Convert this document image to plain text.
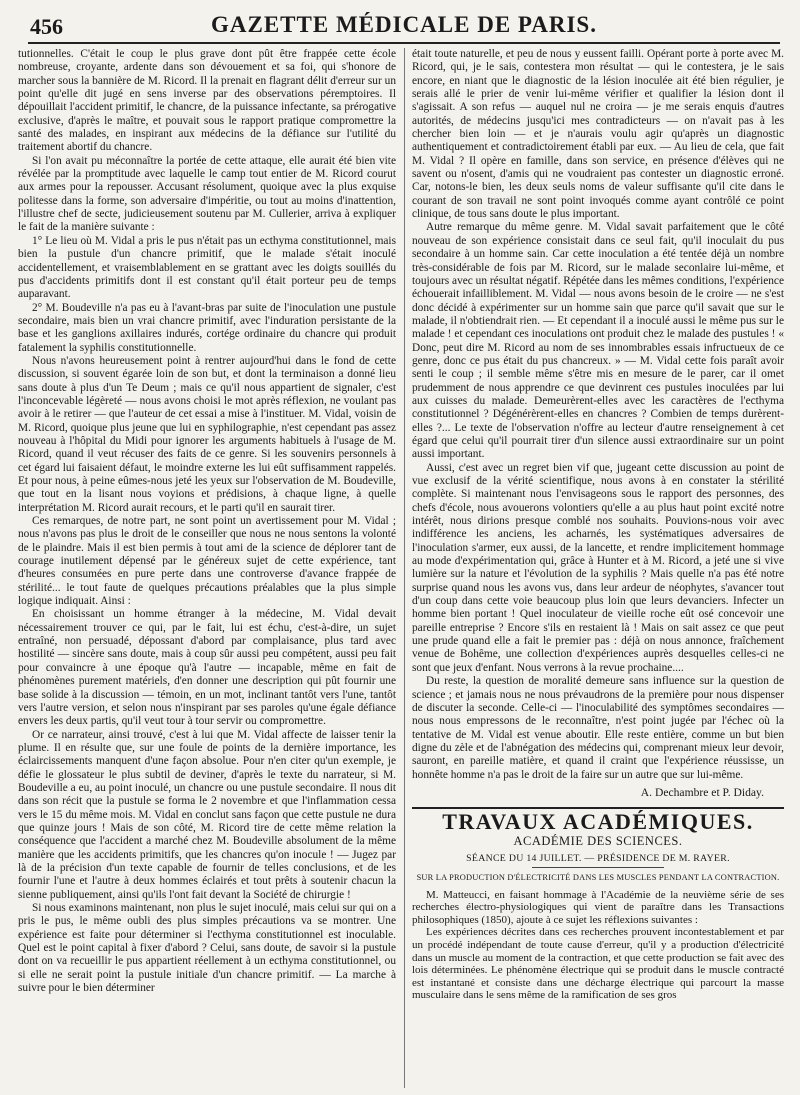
456	GAZETTE MÉDICALE DE PARIS.

tutionnelles. C'était le coup le plus grave dont pût être frappée cette école nombreuse, croyante, ardente dans son dévouement et sa foi, qui s'honore de marcher sous la bannière de M. Ricord. Il la prenait en flagrant délit d'erreur sur un point qu'elle dit jugé en sens inverse par des observations péremptoires. Il dépouillait l'accident primitif, le chancre, de la puissance infectante, sa prérogative exclusive, d'après le maître, et pouvait sous le rapport pratique compromettre la santé des malades, en inspirant aux médecins de la défiance sur l'utilité du traitement abortif du chancre.

Si l'on avait pu méconnaître la portée de cette attaque, elle aurait été bien vite révélée par la promptitude avec laquelle le camp tout entier de M. Ricord courut aux armes pour la repousser. Accusant résolument, quoique avec la plus exquise politesse dans la forme, son adversaire d'impéritie, ou tout au moins d'inattention, l'illustre chef de secte, judicieusement soutenu par M. Cullerier, arriva à expliquer le fait de la manière suivante :

1° Le lieu où M. Vidal a pris le pus n'était pas un ecthyma constitutionnel, mais bien la pustule d'un chancre primitif, que le malade s'était inoculé accidentellement, et vraisemblablement en se grattant avec les doigts souillés du pus d'accidents primitifs dont il est constant qu'il était porteur peu de temps auparavant.

2° M. Boudeville n'a pas eu à l'avant-bras par suite de l'inoculation une pustule secondaire, mais bien un vrai chancre primitif, avec l'induration persistante de la base et les ganglions axillaires indurés, cortége ordinaire du chancre qui produit fatalement la syphilis constitutionnelle.

Nous n'avons heureusement point à rentrer aujourd'hui dans le fond de cette discussion, si souvent égarée loin de son but, et dont la terminaison a donné lieu sans doute à plus d'un Te Deum ; mais ce qu'il nous appartient de signaler, c'est l'inconcevable légèreté — nous avons choisi le mot après réflexion, ne voulant pas avoir à le retirer — que l'auteur de cet essai a mise à l'instituer. M. Vidal, voisin de M. Ricord, quoique plus jeune que lui en syphilographie, n'est cependant pas assez nouveau à l'hôpital du Midi pour ignorer les arguments habituels à l'usage de M. Ricord, quand il veut récuser des faits de ce genre. Si les souvenirs personnels à cet égard lui faisaient défaut, le moindre externe les lui eût suffisamment rappelés. Et pour nous, à peine eûmes-nous jeté les yeux sur l'observation de M. Boudeville, que tout en la lisant nous voyions et prédisions, à chaque ligne, à quelle interprétation M. Ricord aurait recours, et le parti qu'il en saurait tirer.

Ces remarques, de notre part, ne sont point un avertissement pour M. Vidal ; nous n'avons pas plus le droit de le conseiller que nous ne nous sentons la volonté de le plaindre. Mais il est bien permis à tout ami de la science de déplorer tant de courage inutilement dépensé par le généreux sujet de cette expérience, tant d'heures consumées en pure perte dans une controverse d'avance frappée de stérilité... le tout faute de quelques précautions préalables que la plus simple logique indiquait. Ainsi :

En choisissant un homme étranger à la médecine, M. Vidal devait nécessairement trouver ce qui, par le fait, lui est échu, c'est-à-dire, un sujet entraîné, non persuadé, dépossant d'abord par complaisance, plus tard avec hostilité — sincère sans doute, mais à coup sûr aussi peu compétent, aussi peu fait pour convaincre à une époque qu'à l'autre — incapable, même en fait de phénomènes purement matériels, d'en donner une description qui pût fournir une base solide à la discussion — témoin, en un mot, inclinant tantôt vers l'une, tantôt vers l'autre version, et selon nous n'inspirant par ses paroles qu'une égale défiance envers les deux partis, qu'il veut tour à tour servir ou compromettre.

Or ce narrateur, ainsi trouvé, c'est à lui que M. Vidal affecte de laisser tenir la plume. Il en résulte que, sur une foule de points de la dernière importance, les éclaircissements manquent d'une façon absolue. Pour n'en citer qu'un exemple, je défie le glossateur le plus subtil de deviner, d'après le texte du narrateur, si M. Boudeville a eu, au point inoculé, un chancre ou une pustule secondaire. Il nous dit dans son récit que la pustule se forma le 2 novembre et que l'inflammation cessa vers le 15 du même mois. M. Vidal en conclut sans façon que cette pustule ne dura que quinze jours ! Mais de son côté, M. Ricord tire de cette même relation la conséquence que l'accident a marché chez M. Boudeville absolument de la même manière que les accidents primitifs, que les chancres qu'on inocule ! — Jugez par là de la précision d'un texte capable de fournir de telles conclusions, et de les fournir l'une et l'autre à deux hommes éclairés et tout prêts à soutenir chacun la sienne publiquement, ainsi qu'ils l'ont fait devant la Société de chirurgie !

Si nous examinons maintenant, non plus le sujet inoculé, mais celui sur qui on a pris le pus, le même oubli des plus simples précautions va se montrer. Une expérience est faite pour déterminer si l'ecthyma constitutionnel est inoculable. Quel est le point capital à fixer d'abord ? Celui, sans doute, de savoir si la pustule dont on va recueillir le pus appartient réellement à un ecthyma constitutionnel, ou si elle ne serait point la pustule initiale d'un chancre primitif. — La marche à suivre pour le bien déterminer

était toute naturelle, et peu de nous y eussent failli. Opérant porte à porte avec M. Ricord, qui, je le sais, contestera mon résultat — qui le contestera, je le sais encore, en niant que le diagnostic de la lésion inoculée ait été bien régulier, je serais allé le prier de venir lui-même vérifier et qualifier la lésion dont il s'agissait. A son refus — auquel nul ne croira — je me serais enquis d'autres autorités, de médecins jusqu'ici mes contradicteurs — on n'avait pas à les chercher bien loin — et je n'aurais voulu agir qu'après un diagnostic authentiquement et contradictoirement établi par eux. — Au lieu de cela, que fait M. Vidal ? Il opère en famille, dans son service, en présence d'élèves qui ne savent ou n'osent, d'amis qui ne voudraient pas contester un diagnostic erroné. Car, notons-le bien, les deux seuls noms de valeur suffisante qu'il cite dans le courant de son travail ne sont point invoqués comme ayant contrôlé ce point clinique, de tous sans doute le plus important.

Autre remarque du même genre. M. Vidal savait parfaitement que le côté nouveau de son expérience consistait dans ce seul fait, qu'il inoculait du pus secondaire à un homme sain. Car cette inoculation a été tentée déjà un nombre très-considérable de fois par M. Ricord, sur le malade seconlaire lui-même, et toujours avec un résultat négatif. Répétée dans les mêmes conditions, l'expérience échouerait infailliblement. M. Vidal — nous avons besoin de le croire — ne s'est donc décidé à expérimenter sur un homme sain que parce qu'il savait que sur le malade, il n'obtiendrait rien. — Et cependant il a inoculé aussi le même pus sur le malade ! et cependant ces inoculations ont produit chez le malade des pustules ! « Donc, peut dire M. Ricord au nom de ses innombrables essais infructueux de ce genre, donc ce pus était du pus chancreux. » — M. Vidal cette fois paraît avoir senti le coup ; il semble même s'être mis en mesure de le parer, car il omet prudemment de nous apprendre ce que devinrent ces pustules inoculées par lui aux cuisses du malade. Demeurèrent-elles avec les caractères de l'ecthyma constitutionnel ? Dégénérèrent-elles en chancres ? Combien de temps durèrent-elles ?... Le texte de l'observation n'offre au lecteur d'autre renseignement à cet égard que celui qu'il pourrait tirer d'un silence aussi extraordinaire sur un point aussi important.

Aussi, c'est avec un regret bien vif que, jugeant cette discussion au point de vue exclusif de la vérité scientifique, nous avons à en constater la stérilité complète. Si maintenant nous l'envisageons sous le rapport des personnes, des chefs d'école, nous avouerons volontiers qu'elle a au plus haut point excité notre intérêt, nous dirions presque comblé nos souhaits. Pouvions-nous voir avec indifférence les anciens, les acharnés, les systématiques adversaires de l'inoculation s'armer, eux aussi, de la lancette, et rendre implicitement hommage au mode d'expérimentation qui, grâce à Hunter et à M. Ricord, a jeté une si vive lumière sur la nature et l'évolution de la syphilis ? Mais quelle n'a pas été notre surprise quand nous les avons vus, dans leur ardeur de néophytes, s'avancer tout d'un coup dans cette voie beaucoup plus loin que leurs devanciers. Infecter un homme bien portant ! Quel inoculateur de vieille roche eût osé concevoir une pareille entreprise ? Encore s'ils en restaient là ! Mais on sait assez ce que peut une prude quand elle a fait le premier pas : déjà on nous annonce, fraîchement venue de Bohême, une collection d'expériences auprès desquelles celles-ci ne sont que jeux d'enfant. Nous verrons à la revue prochaine....

Du reste, la question de moralité demeure sans influence sur la question de science ; et jamais nous ne nous prévaudrons de la première pour nous dispenser de discuter la seconde. Celle-ci — l'inoculabilité des symptômes secondaires — nous nous empressons de le reconnaître, n'est point jugée par l'échec où la tentative de M. Vidal est venue aboutir. Elle reste entière, comme un but bien digne du zèle et de l'abnégation des médecins qui, comprenant mieux leur devoir, sauront, en pareille matière, et quand il craint que l'expérience réussisse, un honnête homme n'a pas le droit de la faire sur un autre que sur lui-même.

A. Dechambre et P. Diday.
TRAVAUX ACADÉMIQUES.
ACADÉMIE DES SCIENCES.
SÉANCE DU 14 JUILLET. — PRÉSIDENCE DE M. RAYER.
SUR LA PRODUCTION D'ÉLECTRICITÉ DANS LES MUSCLES PENDANT LA CONTRACTION.

M. Matteucci, en faisant hommage à l'Académie de la neuvième série de ses recherches électro-physiologiques qui vient de paraître dans les Transactions philosophiques (1850), ajoute à ce sujet les réflexions suivantes :

Les expériences décrites dans ces recherches prouvent incontestablement et par un procédé indépendant de toute cause d'erreur, qu'il y a production d'électricité dans un muscle au moment de la contraction, et que cette production se fait avec des lois déterminées. Le phénomène électrique qui se produit dans le muscle contracté est instantané et consiste dans une décharge électrique qui parcourt la masse musculaire dans le sens même de la ramification de ses gros
